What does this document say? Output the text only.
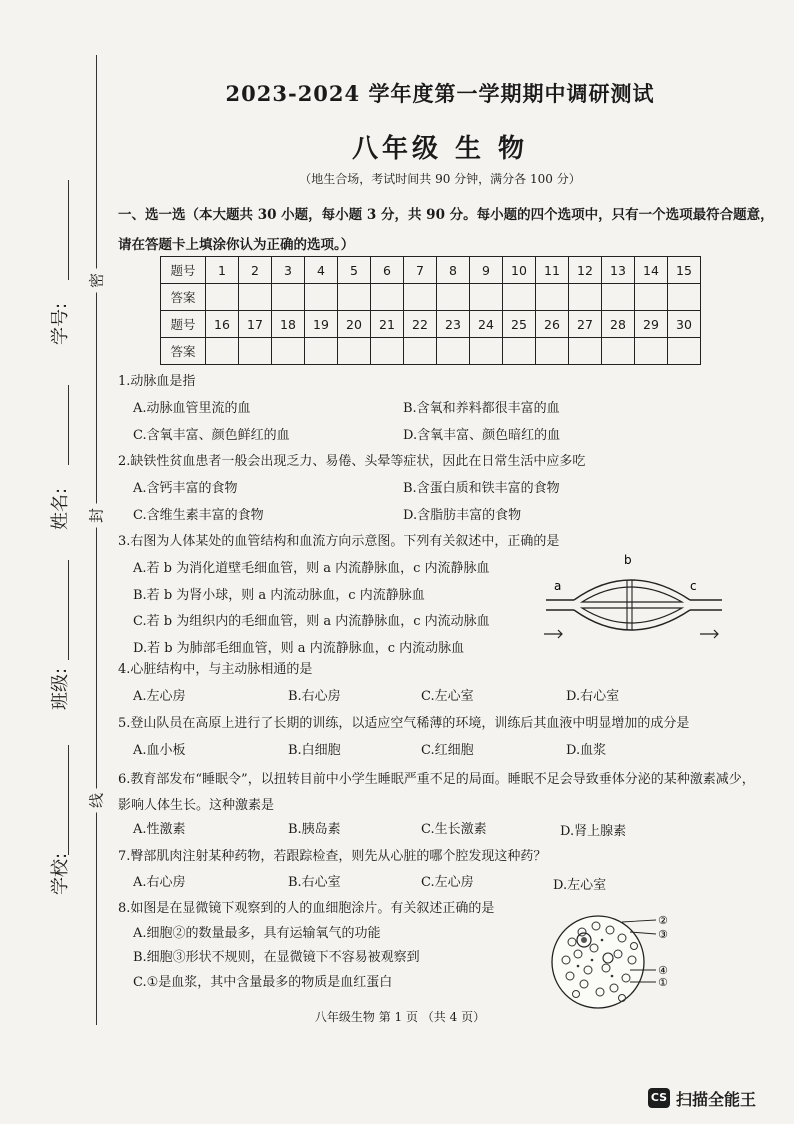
学号:
密
姓名: 封
班级:
学校:
线
2023-2024 学年度第一学期期中调研测试
八年级 生 物
（地生合场，考试时间共 90 分钟，满分各 100 分）
一、选一选（本大题共 30 小题，每小题 3 分，共 90 分。每小题的四个选项中，只有一个选项最符合题意，请在答题卡上填涂你认为正确的选项。）
题号	1	2	3	4	5	6	7	8	9	10	11	12	13	14	15
答案															
题号	16	17	18	19	20	21	22	23	24	25	26	27	28	29	30
答案															
1.动脉血是指
A.动脉血管里流的血	B.含氧和养料都很丰富的血
C.含氧丰富、颜色鲜红的血	D.含氧丰富、颜色暗红的血
2.缺铁性贫血患者一般会出现乏力、易倦、头晕等症状，因此在日常生活中应多吃
A.含钙丰富的食物	B.含蛋白质和铁丰富的食物
C.含维生素丰富的食物	D.含脂肪丰富的食物
3.右图为人体某处的血管结构和血流方向示意图。下列有关叙述中，正确的是
A.若 b 为消化道壁毛细血管，则 a 内流静脉血，c 内流静脉血
B.若 b 为肾小球，则 a 内流动脉血，c 内流静脉血
C.若 b 为组织内的毛细血管，则 a 内流静脉血，c 内流动脉血
D.若 b 为肺部毛细血管，则 a 内流静脉血，c 内流动脉血
b
a	c
4.心脏结构中，与主动脉相通的是
A.左心房	B.右心房	C.左心室	D.右心室
5.登山队员在高原上进行了长期的训练，以适应空气稀薄的环境，训练后其血液中明显增加的成分是
A.血小板	B.白细胞	C.红细胞	D.血浆
6.教育部发布“睡眠令”，以扭转目前中小学生睡眠严重不足的局面。睡眠不足会导致垂体分泌的某种激素减少，影响人体生长。这种激素是
A.性激素	B.胰岛素	C.生长激素	D.肾上腺素
7.臀部肌肉注射某种药物，若跟踪检查，则先从心脏的哪个腔发现这种药？
A.右心房	B.右心室	C.左心房	D.左心室
8.如图是在显微镜下观察到的人的血细胞涂片。有关叙述正确的是
A.细胞②的数量最多，具有运输氧气的功能
B.细胞③形状不规则，在显微镜下不容易被观察到
C.①是血浆，其中含量最多的物质是血红蛋白
②
③
④
①
八年级生物 第 1 页 （共 4 页）
CS 扫描全能王
